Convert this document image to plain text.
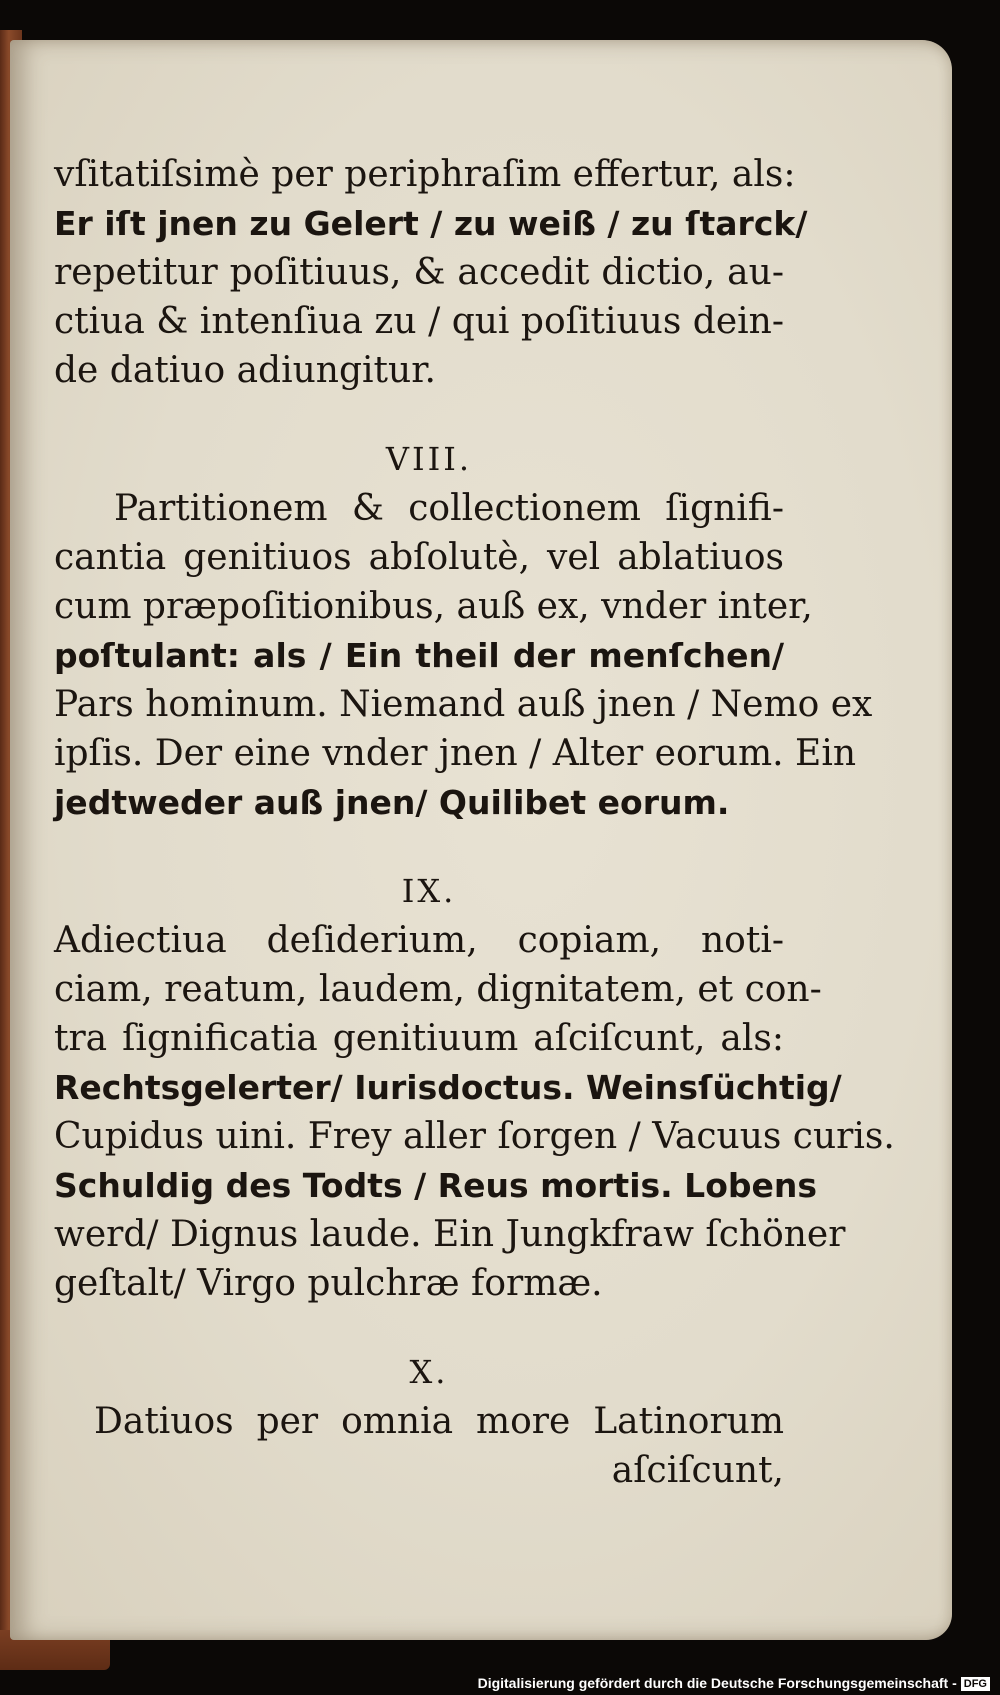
vſitatiſsimè per periphraſim effertur, als:
Er iſt jnen zu Gelert / zu weiß / zu ſtarck/
repetitur poſitiuus, & accedit dictio, au-
ctiua & intenſiua zu / qui poſitiuus dein-
de datiuo adiungitur.
VIII.
Partitionem & collectionem ſignifi-
cantia genitiuos abſolutè, vel ablatiuos
cum præpoſitionibus, auß ex, vnder inter,
poſtulant: als / Ein theil der menſchen/
Pars hominum. Niemand auß jnen / Nemo ex
ipſis. Der eine vnder jnen / Alter eorum. Ein
jedtweder auß jnen/ Quilibet eorum.
IX.
Adiectiua deſiderium, copiam, noti-
ciam, reatum, laudem, dignitatem, et con-
tra ſignificatia genitiuum aſciſcunt, als:
Rechtsgelerter/ Iurisdoctus. Weinsſüchtig/
Cupidus uini. Frey aller ſorgen / Vacuus curis.
Schuldig des Todts / Reus mortis. Lobens
werd/ Dignus laude. Ein Jungkfraw ſchöner
geſtalt/ Virgo pulchræ formæ.
X.
Datiuos per omnia more Latinorum
aſciſcunt,
Digitalisierung gefördert durch die Deutsche Forschungsgemeinschaft - DFG
